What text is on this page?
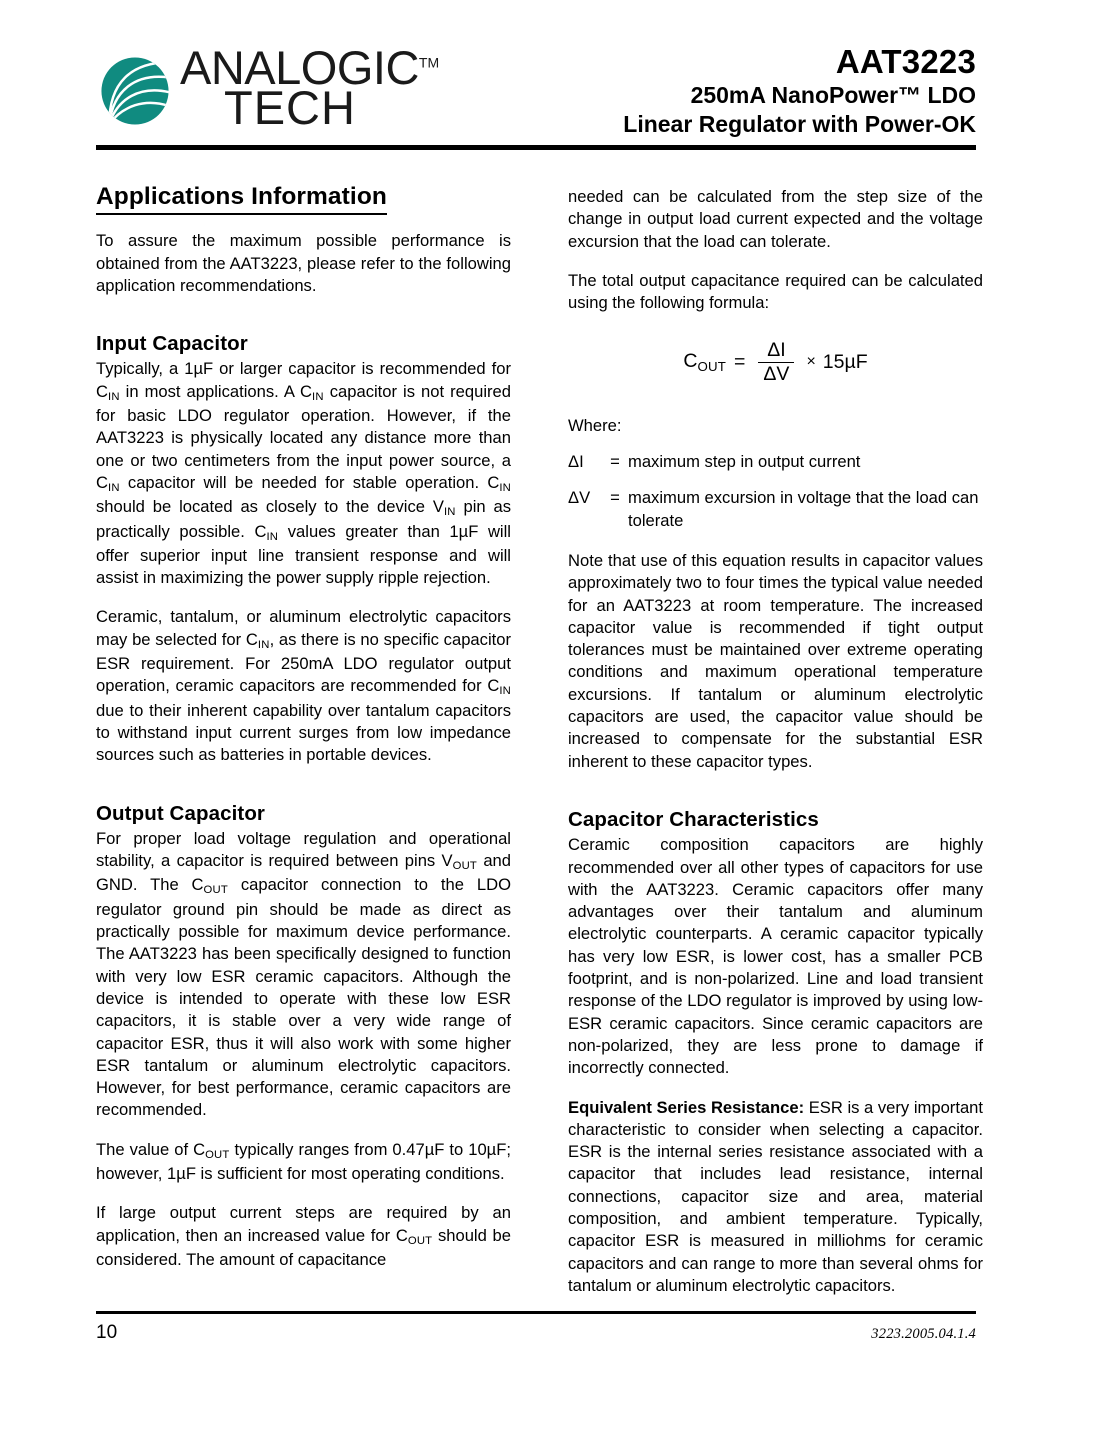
ANALOGIC™
TECH
AAT3223
250mA NanoPower™ LDO
Linear Regulator with Power-OK
Applications Information

To assure the maximum possible performance is obtained from the AAT3223, please refer to the following application recommendations.

Input Capacitor

Typically, a 1µF or larger capacitor is recommended for $C_{IN}$ in most applications. A $C_{IN}$ capacitor is not required for basic LDO regulator operation. However, if the AAT3223 is physically located any distance more than one or two centimeters from the input power source, a $C_{IN}$ capacitor will be needed for stable operation. $C_{IN}$ should be located as closely to the device $V_{IN}$ pin as practically possible. $C_{IN}$ values greater than 1µF will offer superior input line transient response and will assist in maximizing the power supply ripple rejection.

Ceramic, tantalum, or aluminum electrolytic capacitors may be selected for $C_{IN}$, as there is no specific capacitor ESR requirement. For 250mA LDO regulator output operation, ceramic capacitors are recommended for $C_{IN}$ due to their inherent capability over tantalum capacitors to withstand input current surges from low impedance sources such as batteries in portable devices.

Output Capacitor

For proper load voltage regulation and operational stability, a capacitor is required between pins $V_{OUT}$ and GND. The $C_{OUT}$ capacitor connection to the LDO regulator ground pin should be made as direct as practically possible for maximum device performance. The AAT3223 has been specifically designed to function with very low ESR ceramic capacitors. Although the device is intended to operate with these low ESR capacitors, it is stable over a very wide range of capacitor ESR, thus it will also work with some higher ESR tantalum or aluminum electrolytic capacitors. However, for best performance, ceramic capacitors are recommended.

The value of $C_{OUT}$ typically ranges from 0.47µF to 10µF; however, 1µF is sufficient for most operating conditions.

If large output current steps are required by an application, then an increased value for $C_{OUT}$ should be considered. The amount of capacitance

needed can be calculated from the step size of the change in output load current expected and the voltage excursion that the load can tolerate.

The total output capacitance required can be calculated using the following formula:

$C_{OUT} = \frac{\Delta I}{\Delta V} \times 15\mu F$

Where:

ΔI	= maximum step in output current
ΔV	= maximum excursion in voltage that the load can tolerate

Note that use of this equation results in capacitor values approximately two to four times the typical value needed for an AAT3223 at room temperature. The increased capacitor value is recommended if tight output tolerances must be maintained over extreme operating conditions and maximum operational temperature excursions. If tantalum or aluminum electrolytic capacitors are used, the capacitor value should be increased to compensate for the substantial ESR inherent to these capacitor types.

Capacitor Characteristics

Ceramic composition capacitors are highly recommended over all other types of capacitors for use with the AAT3223. Ceramic capacitors offer many advantages over their tantalum and aluminum electrolytic counterparts. A ceramic capacitor typically has very low ESR, is lower cost, has a smaller PCB footprint, and is non-polarized. Line and load transient response of the LDO regulator is improved by using low-ESR ceramic capacitors. Since ceramic capacitors are non-polarized, they are less prone to damage if incorrectly connected.

Equivalent Series Resistance: ESR is a very important characteristic to consider when selecting a capacitor. ESR is the internal series resistance associated with a capacitor that includes lead resistance, internal connections, capacitor size and area, material composition, and ambient temperature. Typically, capacitor ESR is measured in milliohms for ceramic capacitors and can range to more than several ohms for tantalum or aluminum electrolytic capacitors.

10	3223.2005.04.1.4
